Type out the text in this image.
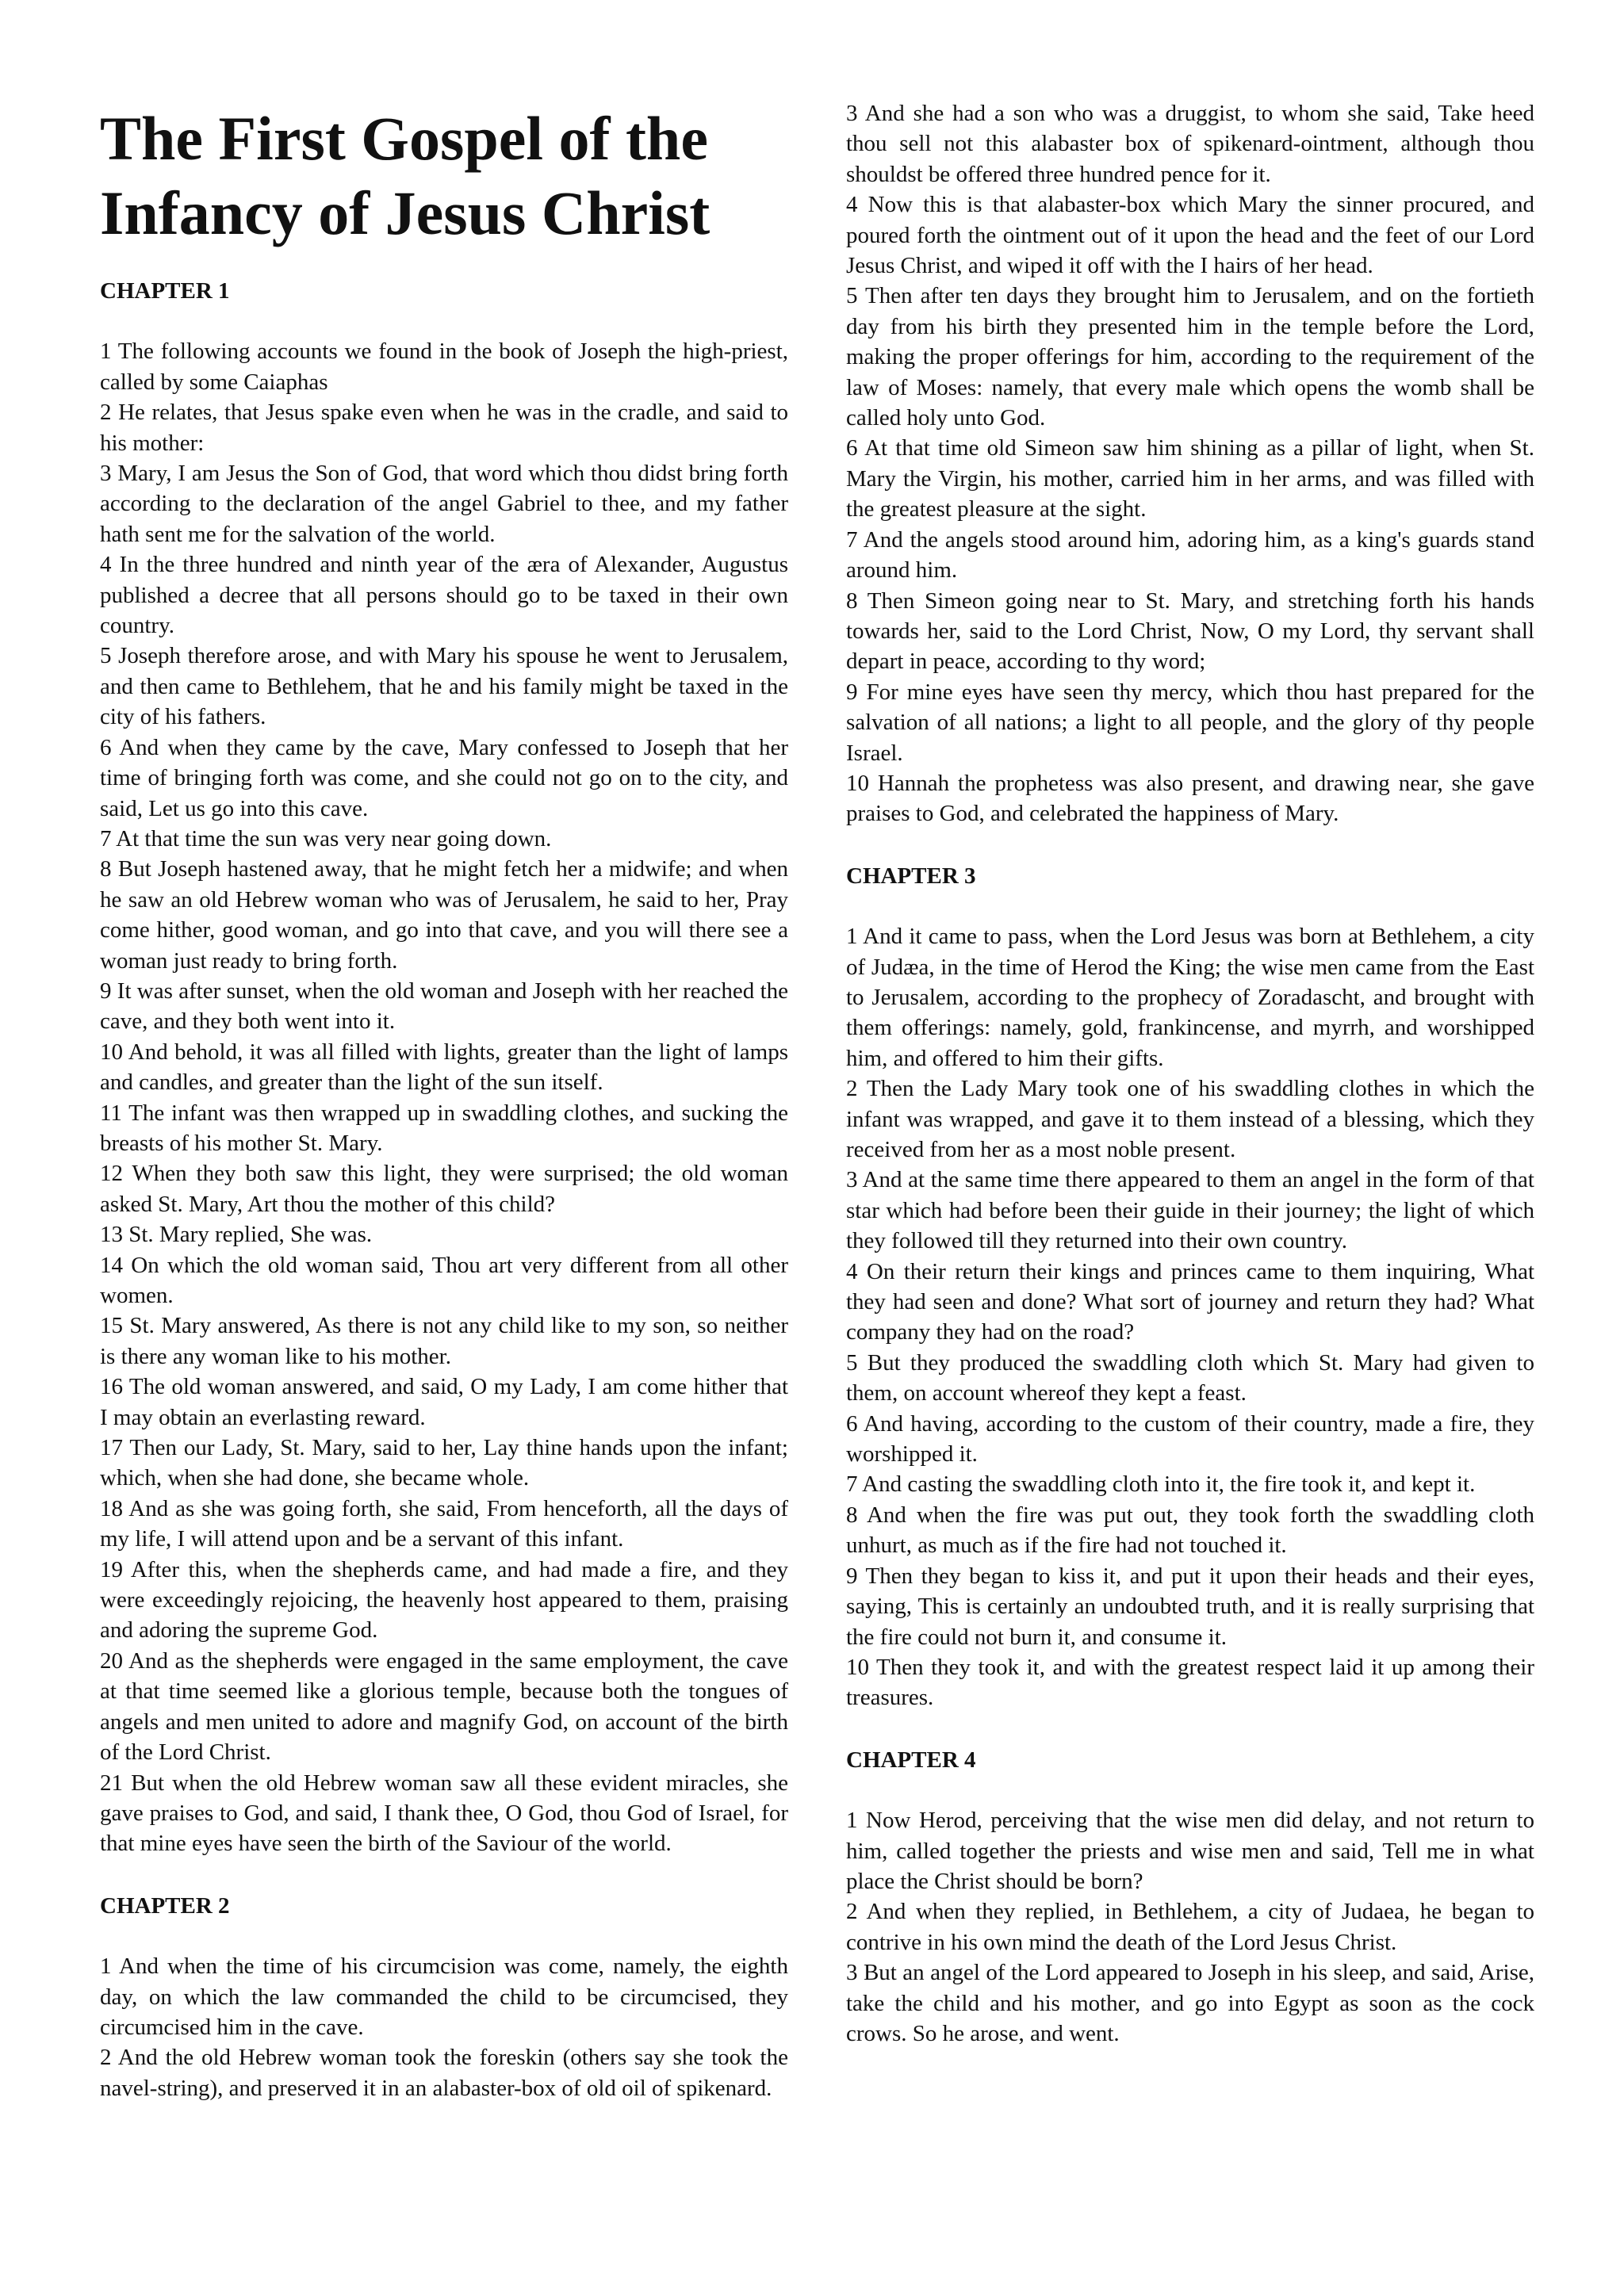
The First Gospel of the Infancy of Jesus Christ
CHAPTER 1

1 The following accounts we found in the book of Joseph the high-priest, called by some Caiaphas

2 He relates, that Jesus spake even when he was in the cradle, and said to his mother:

3 Mary, I am Jesus the Son of God, that word which thou didst bring forth according to the declaration of the angel Gabriel to thee, and my father hath sent me for the salvation of the world.

4 In the three hundred and ninth year of the æra of Alexander, Augustus published a decree that all persons should go to be taxed in their own country.

5 Joseph therefore arose, and with Mary his spouse he went to Jerusalem, and then came to Bethlehem, that he and his family might be taxed in the city of his fathers.

6 And when they came by the cave, Mary confessed to Joseph that her time of bringing forth was come, and she could not go on to the city, and said, Let us go into this cave.

7 At that time the sun was very near going down.

8 But Joseph hastened away, that he might fetch her a midwife; and when he saw an old Hebrew woman who was of Jerusalem, he said to her, Pray come hither, good woman, and go into that cave, and you will there see a woman just ready to bring forth.

9 It was after sunset, when the old woman and Joseph with her reached the cave, and they both went into it.

10 And behold, it was all filled with lights, greater than the light of lamps and candles, and greater than the light of the sun itself.

11 The infant was then wrapped up in swaddling clothes, and sucking the breasts of his mother St. Mary.

12 When they both saw this light, they were surprised; the old woman asked St. Mary, Art thou the mother of this child?

13 St. Mary replied, She was.

14 On which the old woman said, Thou art very different from all other women.

15 St. Mary answered, As there is not any child like to my son, so neither is there any woman like to his mother.

16 The old woman answered, and said, O my Lady, I am come hither that I may obtain an everlasting reward.

17 Then our Lady, St. Mary, said to her, Lay thine hands upon the infant; which, when she had done, she became whole.

18 And as she was going forth, she said, From henceforth, all the days of my life, I will attend upon and be a servant of this infant.

19 After this, when the shepherds came, and had made a fire, and they were exceedingly rejoicing, the heavenly host appeared to them, praising and adoring the supreme God.

20 And as the shepherds were engaged in the same employment, the cave at that time seemed like a glorious temple, because both the tongues of angels and men united to adore and magnify God, on account of the birth of the Lord Christ.

21 But when the old Hebrew woman saw all these evident miracles, she gave praises to God, and said, I thank thee, O God, thou God of Israel, for that mine eyes have seen the birth of the Saviour of the world.

CHAPTER 2

1 And when the time of his circumcision was come, namely, the eighth day, on which the law commanded the child to be circumcised, they circumcised him in the cave.

2 And the old Hebrew woman took the foreskin (others say she took the navel-string), and preserved it in an alabaster-box of old oil of spikenard.

3 And she had a son who was a druggist, to whom she said, Take heed thou sell not this alabaster box of spikenard-ointment, although thou shouldst be offered three hundred pence for it.

4 Now this is that alabaster-box which Mary the sinner procured, and poured forth the ointment out of it upon the head and the feet of our Lord Jesus Christ, and wiped it off with the I hairs of her head.

5 Then after ten days they brought him to Jerusalem, and on the fortieth day from his birth they presented him in the temple before the Lord, making the proper offerings for him, according to the requirement of the law of Moses: namely, that every male which opens the womb shall be called holy unto God.

6 At that time old Simeon saw him shining as a pillar of light, when St. Mary the Virgin, his mother, carried him in her arms, and was filled with the greatest pleasure at the sight.

7 And the angels stood around him, adoring him, as a king's guards stand around him.

8 Then Simeon going near to St. Mary, and stretching forth his hands towards her, said to the Lord Christ, Now, O my Lord, thy servant shall depart in peace, according to thy word;

9 For mine eyes have seen thy mercy, which thou hast prepared for the salvation of all nations; a light to all people, and the glory of thy people Israel.

10 Hannah the prophetess was also present, and drawing near, she gave praises to God, and celebrated the happiness of Mary.

CHAPTER 3

1 And it came to pass, when the Lord Jesus was born at Bethlehem, a city of Judæa, in the time of Herod the King; the wise men came from the East to Jerusalem, according to the prophecy of Zoradascht, and brought with them offerings: namely, gold, frankincense, and myrrh, and worshipped him, and offered to him their gifts.

2 Then the Lady Mary took one of his swaddling clothes in which the infant was wrapped, and gave it to them instead of a blessing, which they received from her as a most noble present.

3 And at the same time there appeared to them an angel in the form of that star which had before been their guide in their journey; the light of which they followed till they returned into their own country.

4 On their return their kings and princes came to them inquiring, What they had seen and done? What sort of journey and return they had? What company they had on the road?

5 But they produced the swaddling cloth which St. Mary had given to them, on account whereof they kept a feast.

6 And having, according to the custom of their country, made a fire, they worshipped it.

7 And casting the swaddling cloth into it, the fire took it, and kept it.

8 And when the fire was put out, they took forth the swaddling cloth unhurt, as much as if the fire had not touched it.

9 Then they began to kiss it, and put it upon their heads and their eyes, saying, This is certainly an undoubted truth, and it is really surprising that the fire could not burn it, and consume it.

10 Then they took it, and with the greatest respect laid it up among their treasures.

CHAPTER 4

1 Now Herod, perceiving that the wise men did delay, and not return to him, called together the priests and wise men and said, Tell me in what place the Christ should be born?

2 And when they replied, in Bethlehem, a city of Judaea, he began to contrive in his own mind the death of the Lord Jesus Christ.

3 But an angel of the Lord appeared to Joseph in his sleep, and said, Arise, take the child and his mother, and go into Egypt as soon as the cock crows. So he arose, and went.
